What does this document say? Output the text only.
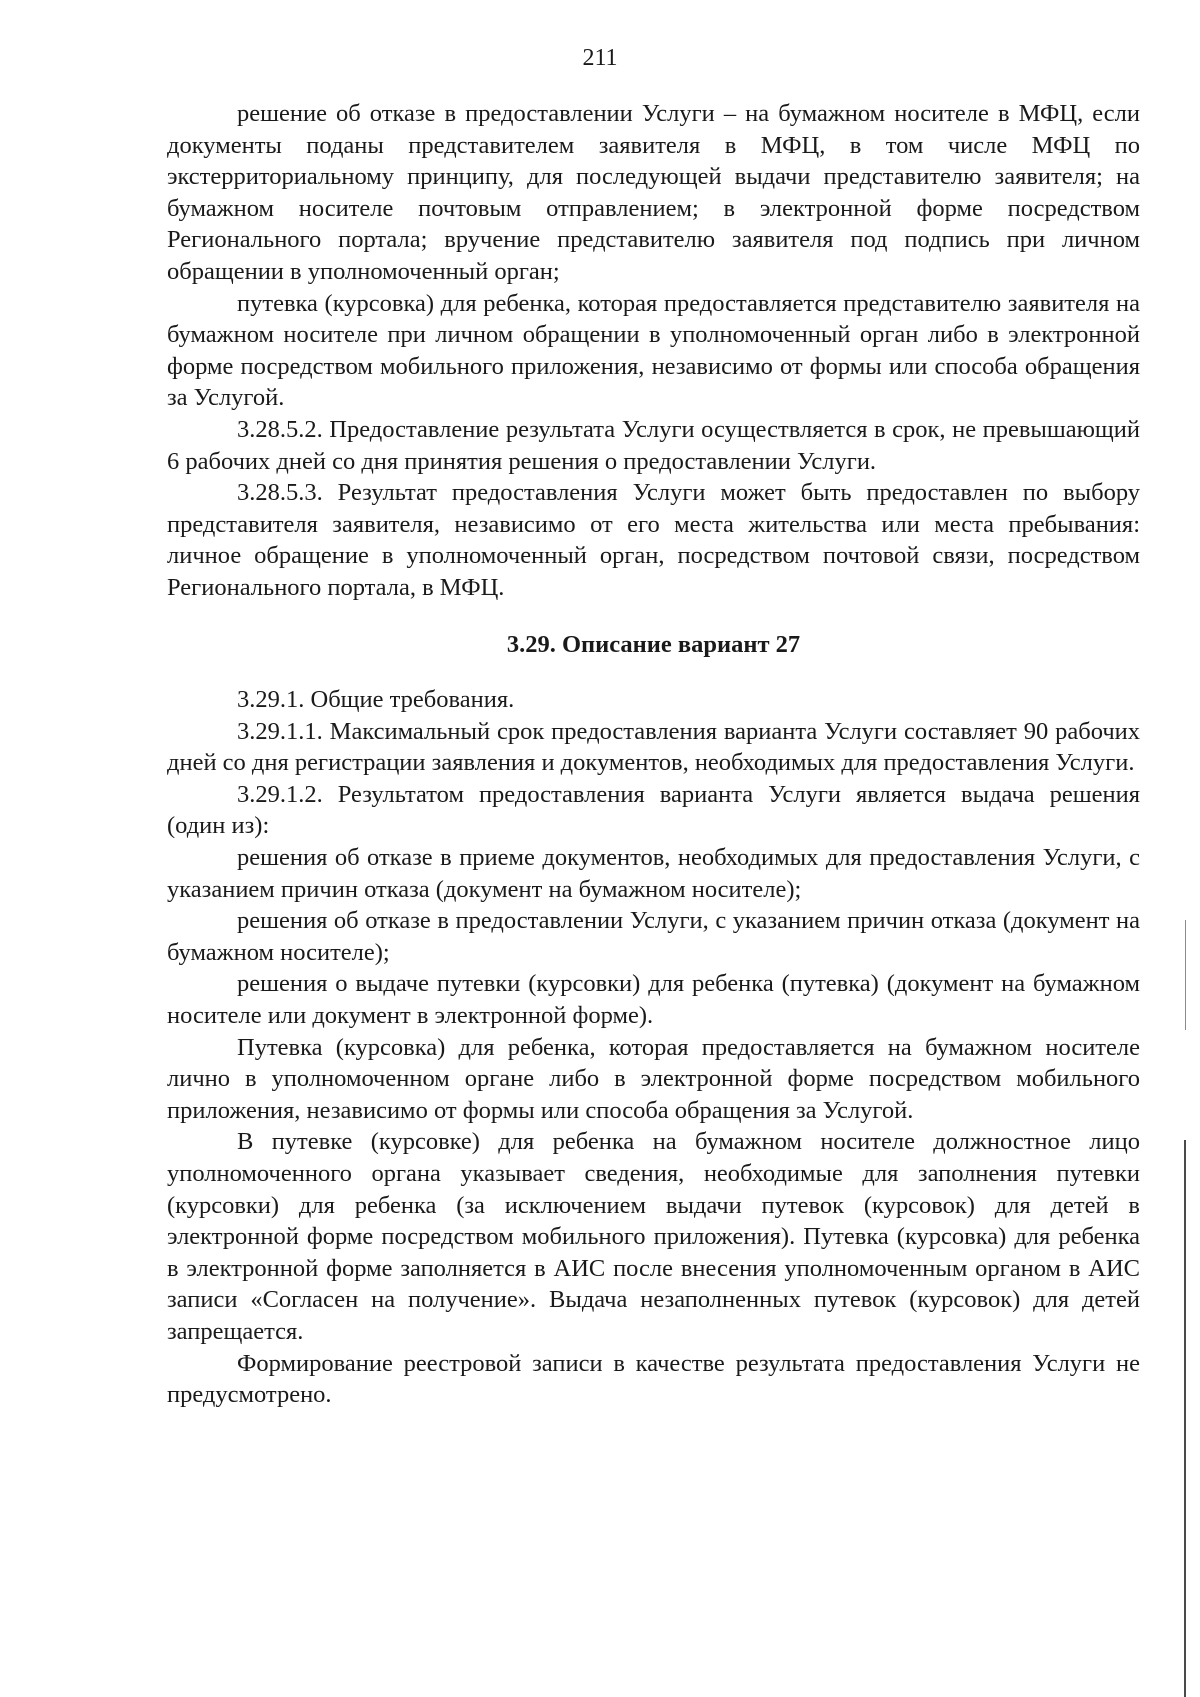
211

решение об отказе в предоставлении Услуги – на бумажном носителе в МФЦ, если документы поданы представителем заявителя в МФЦ, в том числе МФЦ по экстерриториальному принципу, для последующей выдачи представителю заявителя; на бумажном носителе почтовым отправлением; в электронной форме посредством Регионального портала; вручение представителю заявителя под подпись при личном обращении в уполномоченный орган;

путевка (курсовка) для ребенка, которая предоставляется представителю заявителя на бумажном носителе при личном обращении в уполномоченный орган либо в электронной форме посредством мобильного приложения, независимо от формы или способа обращения за Услугой.

3.28.5.2. Предоставление результата Услуги осуществляется в срок, не превышающий 6 рабочих дней со дня принятия решения о предоставлении Услуги.

3.28.5.3. Результат предоставления Услуги может быть предоставлен по выбору представителя заявителя, независимо от его места жительства или места пребывания: личное обращение в уполномоченный орган, посредством почтовой связи, посредством Регионального портала, в МФЦ.

3.29. Описание вариант 27

3.29.1. Общие требования.

3.29.1.1. Максимальный срок предоставления варианта Услуги составляет 90 рабочих дней со дня регистрации заявления и документов, необходимых для предоставления Услуги.

3.29.1.2. Результатом предоставления варианта Услуги является выдача решения (один из):

решения об отказе в приеме документов, необходимых для предоставления Услуги, с указанием причин отказа (документ на бумажном носителе);

решения об отказе в предоставлении Услуги, с указанием причин отказа (документ на бумажном носителе);

решения о выдаче путевки (курсовки) для ребенка (путевка) (документ на бумажном носителе или документ в электронной форме).

Путевка (курсовка) для ребенка, которая предоставляется на бумажном носителе лично в уполномоченном органе либо в электронной форме посредством мобильного приложения, независимо от формы или способа обращения за Услугой.

В путевке (курсовке) для ребенка на бумажном носителе должностное лицо уполномоченного органа указывает сведения, необходимые для заполнения путевки (курсовки) для ребенка (за исключением выдачи путевок (курсовок) для детей в электронной форме посредством мобильного приложения). Путевка (курсовка) для ребенка в электронной форме заполняется в АИС после внесения уполномоченным органом в АИС записи «Согласен на получение». Выдача незаполненных путевок (курсовок) для детей запрещается.

Формирование реестровой записи в качестве результата предоставления Услуги не предусмотрено.
